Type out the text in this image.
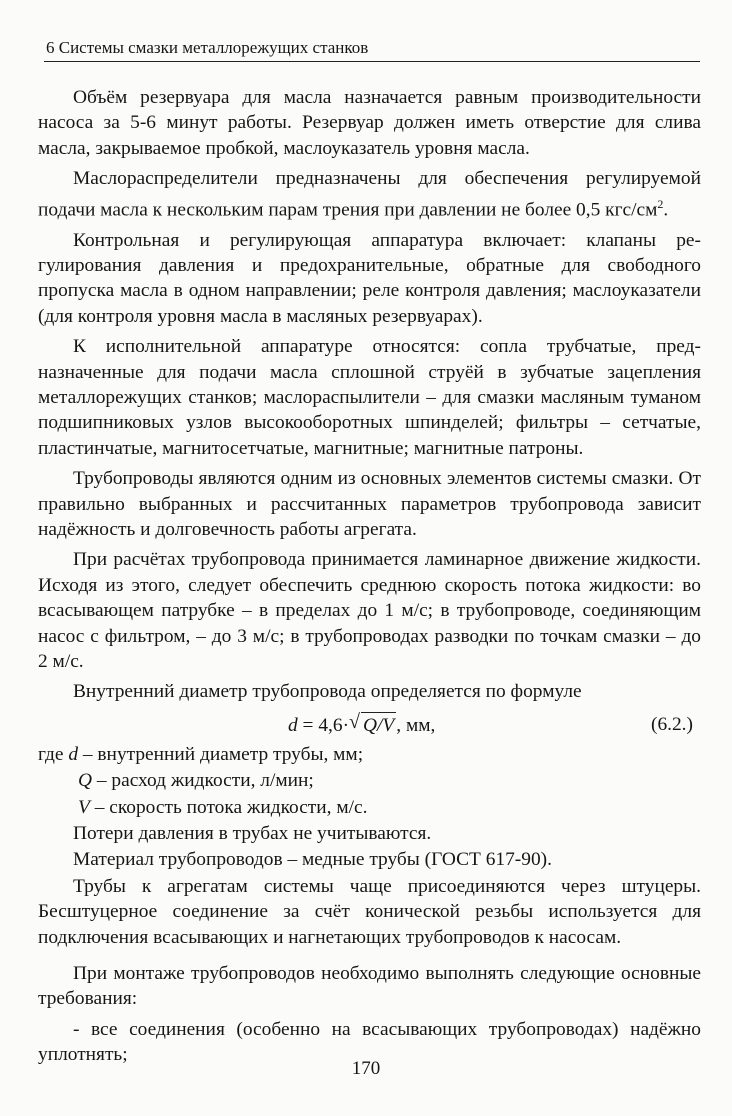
6 Системы смазки металлорежущих станков

Объём резервуара для масла назначается равным производительности насоса за 5-6 минут работы. Резервуар должен иметь отверстие для слива масла, закрываемое пробкой, маслоуказатель уровня масла.

Маслораспределители предназначены для обеспечения регулируемой подачи масла к нескольким парам трения при давлении не более 0,5 кгс/$см^2$.

Контрольная и регулирующая аппаратура включает: клапаны регулирования давления и предохранительные, обратные для свободного пропуска масла в одном направлении; реле контроля давления; маслоуказатели (для контроля уровня масла в масляных резервуарах).

К исполнительной аппаратуре относятся: сопла трубчатые, предназначенные для подачи масла сплошной струёй в зубчатые зацепления металлорежущих станков; маслораспылители – для смазки масляным туманом подшипниковых узлов высокооборотных шпинделей; фильтры – сетчатые, пластинчатые, магнитосетчатые, магнитные; магнитные патроны.

Трубопроводы являются одним из основных элементов системы смазки. От правильно выбранных и рассчитанных параметров трубопровода зависит надёжность и долговечность работы агрегата.

При расчётах трубопровода принимается ламинарное движение жидкости. Исходя из этого, следует обеспечить среднюю скорость потока жидкости: во всасывающем патрубке – в пределах до 1 м/с; в трубопроводе, соединяющим насос с фильтром, – до 3 м/с; в трубопроводах разводки по точкам смазки – до 2 м/с.

Внутренний диаметр трубопровода определяется по формуле

d = 4,6· √ Q/V , мм,	(6.2.)

где d – внутренний диаметр трубы, мм;

Q – расход жидкости, л/мин;

V – скорость потока жидкости, м/с.

Потери давления в трубах не учитываются.

Материал трубопроводов – медные трубы (ГОСТ 617-90).

Трубы к агрегатам системы чаще присоединяются через штуцеры. Бесштуцерное соединение за счёт конической резьбы используется для подключения всасывающих и нагнетающих трубопроводов к насосам.

При монтаже трубопроводов необходимо выполнять следующие основные требования:

- все соединения (особенно на всасывающих трубопроводах) надёжно уплотнять;

170
